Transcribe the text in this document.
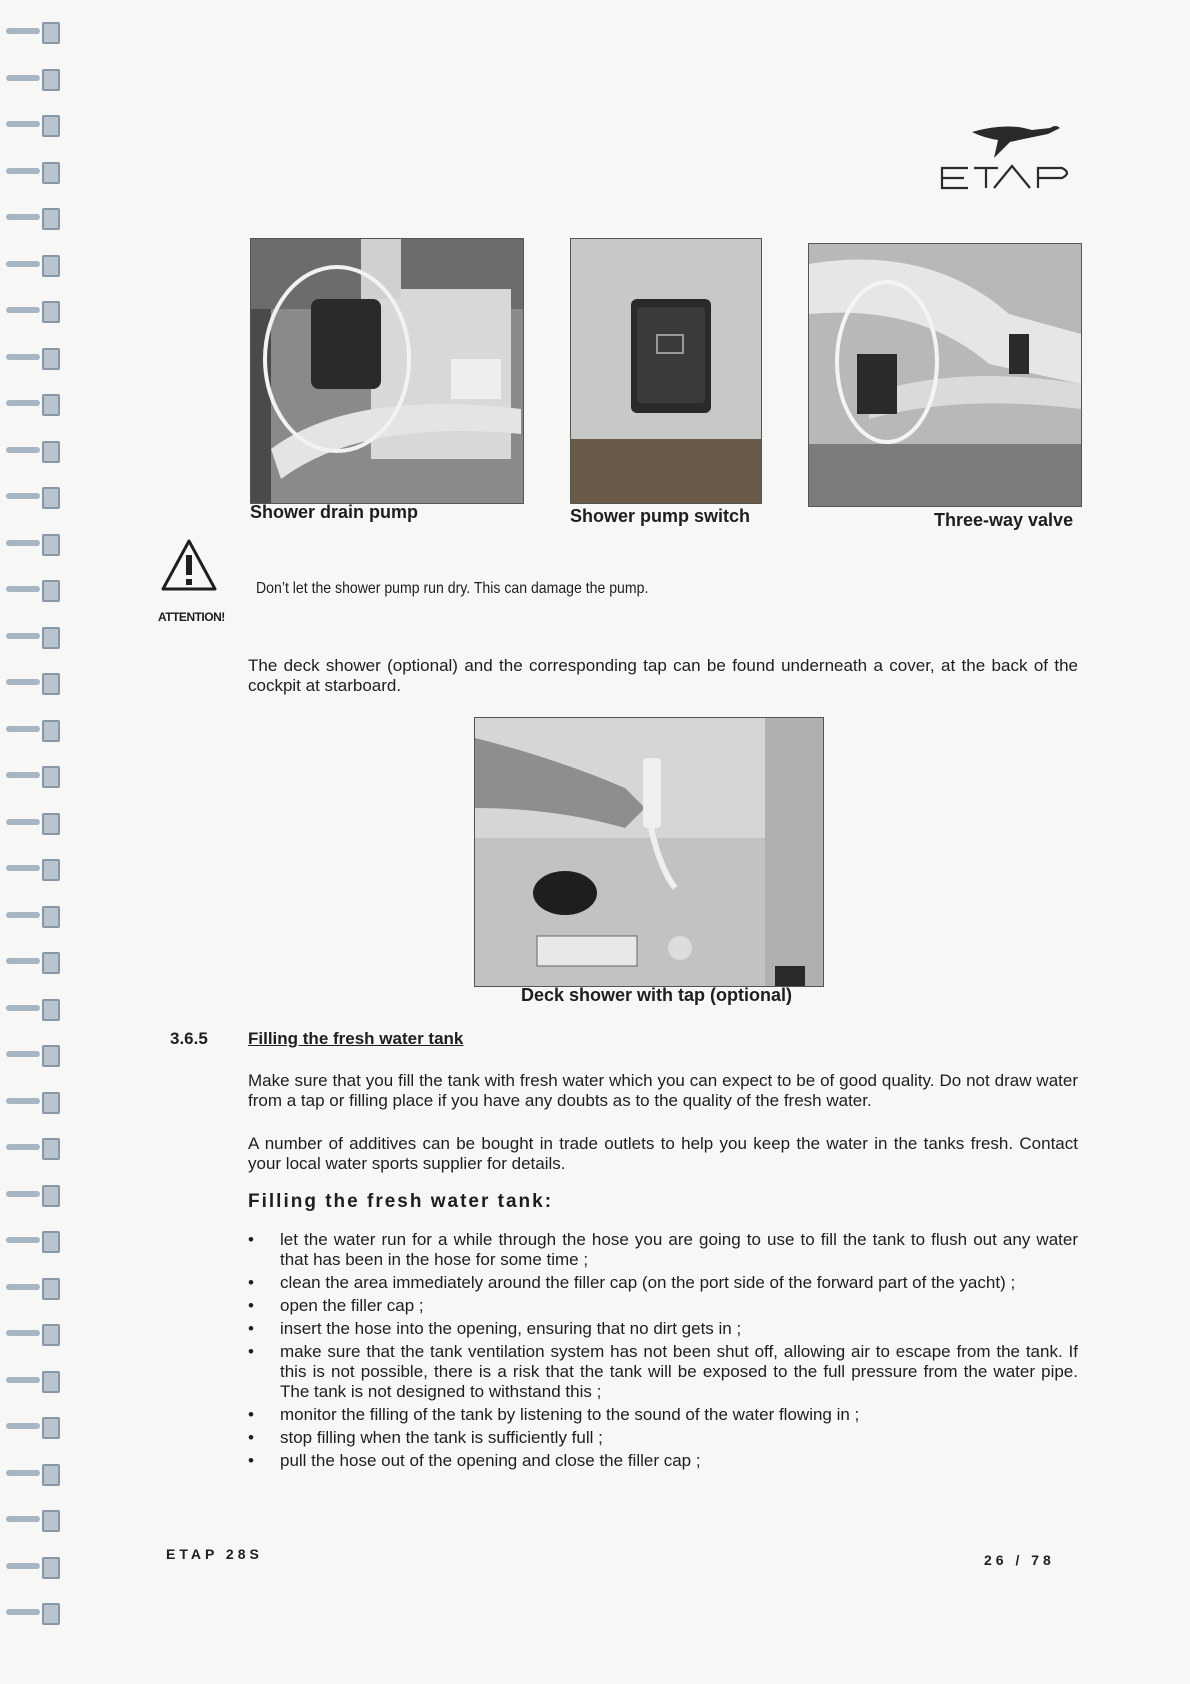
Shower drain pump	Shower pump switch	Three-way valve
ATTENTION!
Don’t let the shower pump run dry. This can damage the pump.
The deck shower (optional) and the corresponding tap can be found underneath a cover, at the back of the cockpit at starboard.
Deck shower with tap (optional)
3.6.5 Filling the fresh water tank
Make sure that you fill the tank with fresh water which you can expect to be of good quality. Do not draw water from a tap or filling place if you have any doubts as to the quality of the fresh water.
A number of additives can be bought in trade outlets to help you keep the water in the tanks fresh. Contact your local water sports supplier for details.
Filling the fresh water tank:
• let the water run for a while through the hose you are going to use to fill the tank to flush out any water that has been in the hose for some time ;
• clean the area immediately around the filler cap (on the port side of the forward part of the yacht) ;
• open the filler cap ;
• insert the hose into the opening, ensuring that no dirt gets in ;
• make sure that the tank ventilation system has not been shut off, allowing air to escape from the tank. If this is not possible, there is a risk that the tank will be exposed to the full pressure from the water pipe. The tank is not designed to withstand this ;
• monitor the filling of the tank by listening to the sound of the water flowing in ;
• stop filling when the tank is sufficiently full ;
• pull the hose out of the opening and close the filler cap ;
ETAP 28S	26 / 78
